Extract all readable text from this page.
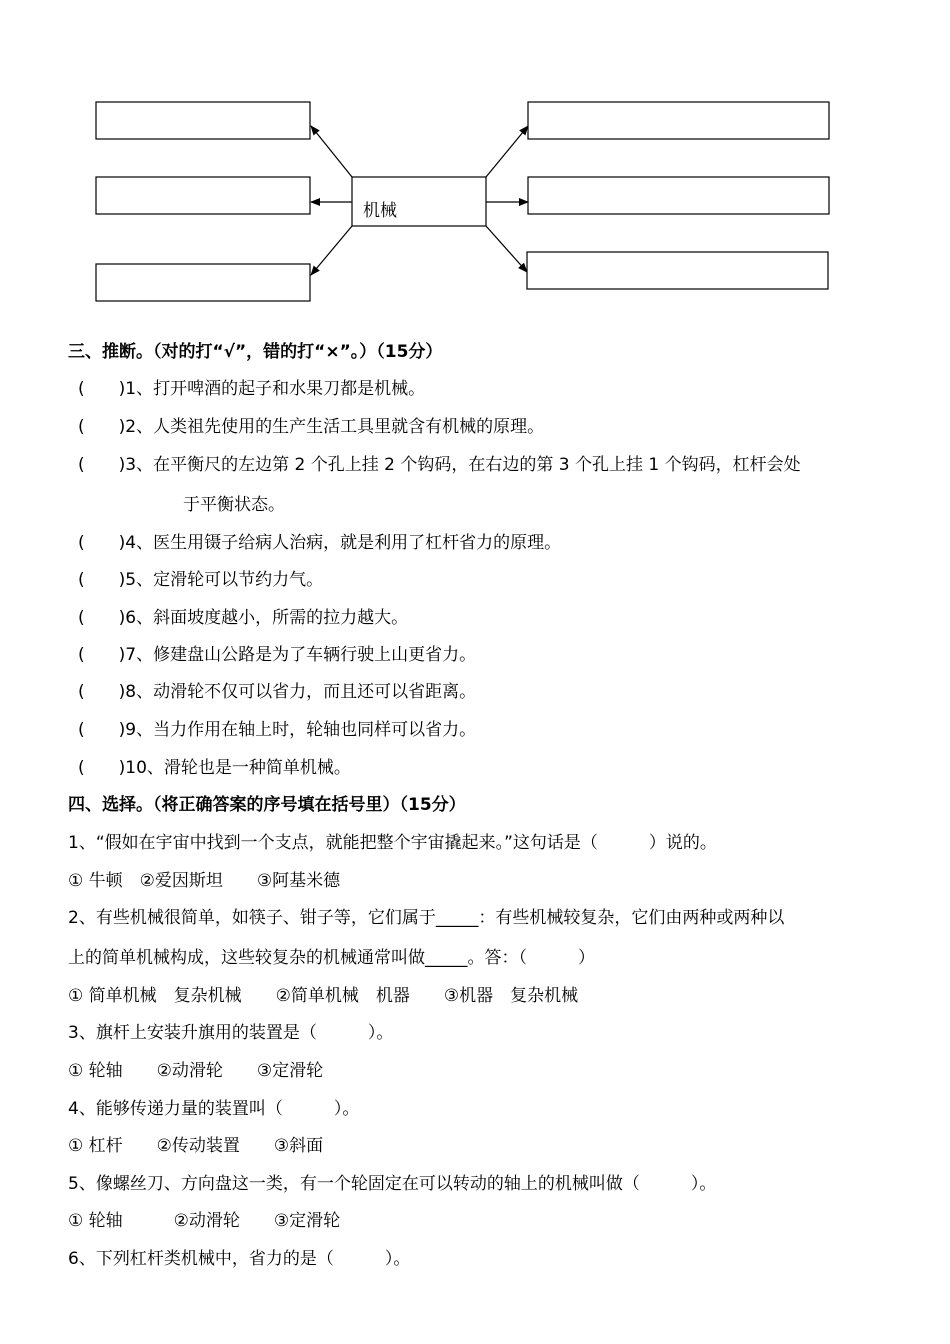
机械
三、推断。（对的打“√”，错的打“×”。）（15分）
(　　)1、打开啤酒的起子和水果刀都是机械。
(　　)2、人类祖先使用的生产生活工具里就含有机械的原理。
(　　)3、在平衡尺的左边第 2 个孔上挂 2 个钩码，在右边的第 3 个孔上挂 1 个钩码，杠杆会处
于平衡状态。
(　　)4、医生用镊子给病人治病，就是利用了杠杆省力的原理。
(　　)5、定滑轮可以节约力气。
(　　)6、斜面坡度越小，所需的拉力越大。
(　　)7、修建盘山公路是为了车辆行驶上山更省力。
(　　)8、动滑轮不仅可以省力，而且还可以省距离。
(　　)9、当力作用在轴上时，轮轴也同样可以省力。
(　　)10、滑轮也是一种简单机械。
四、选择。（将正确答案的序号填在括号里）（15分）
1、“假如在宇宙中找到一个支点，就能把整个宇宙撬起来。”这句话是（　　　）说的。
① 牛顿　②爱因斯坦　　③阿基米德
2、有些机械很简单，如筷子、钳子等，它们属于_____：有些机械较复杂，它们由两种或两种以
上的简单机械构成，这些较复杂的机械通常叫做_____。答：（　　　）
① 简单机械　复杂机械　　②简单机械　机器　　③机器　复杂机械
3、旗杆上安装升旗用的装置是（　　　）。
① 轮轴　　②动滑轮　　③定滑轮
4、能够传递力量的装置叫（　　　）。
① 杠杆　　②传动装置　　③斜面
5、像螺丝刀、方向盘这一类，有一个轮固定在可以转动的轴上的机械叫做（　　　）。
① 轮轴　　　②动滑轮　　③定滑轮
6、下列杠杆类机械中，省力的是（　　　）。
